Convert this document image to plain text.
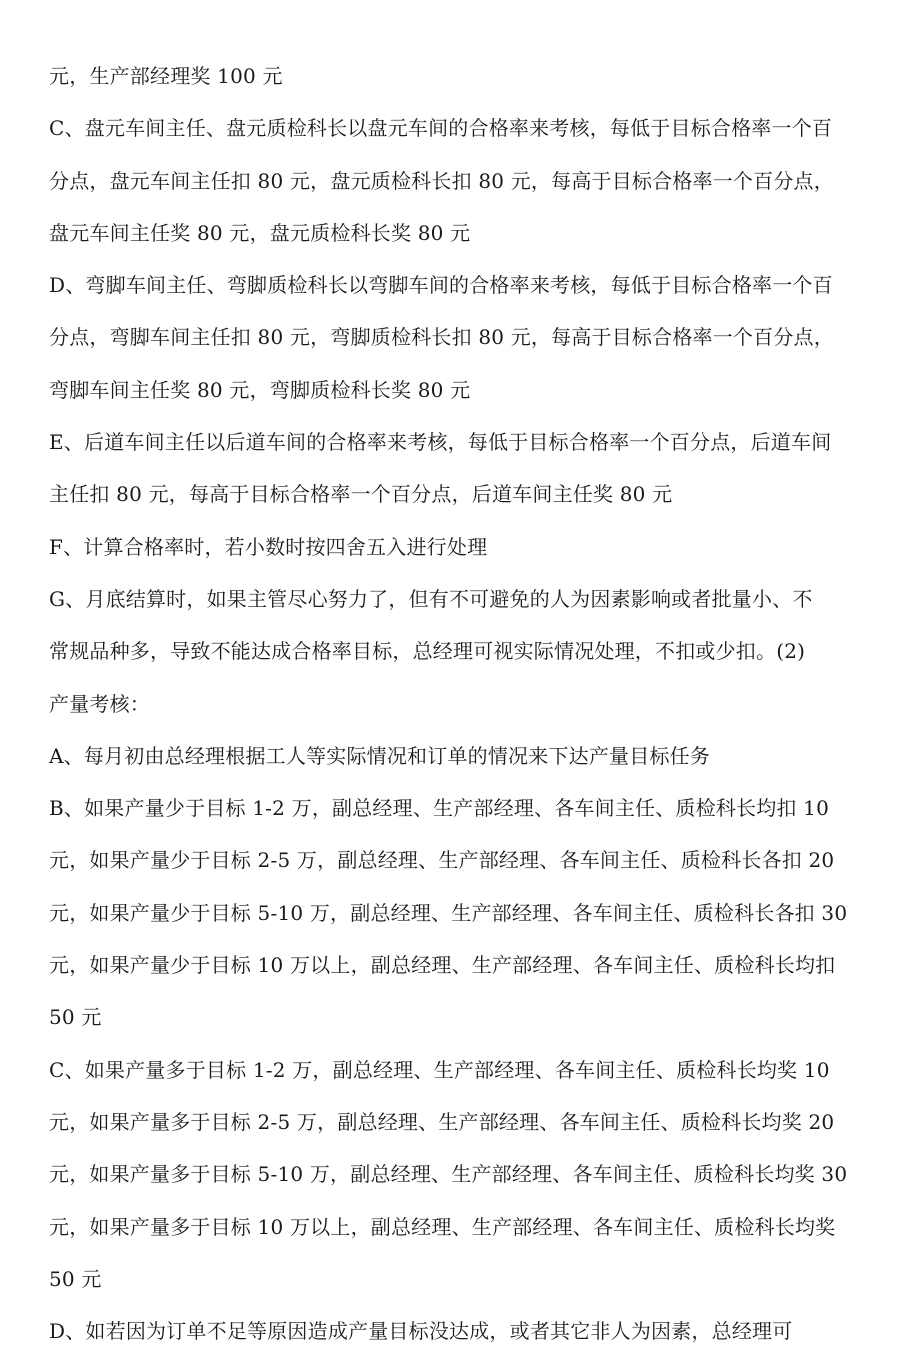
元，生产部经理奖 100 元
C、盘元车间主任、盘元质检科长以盘元车间的合格率来考核，每低于目标合格率一个百
分点，盘元车间主任扣 80 元，盘元质检科长扣 80 元，每高于目标合格率一个百分点，
盘元车间主任奖 80 元，盘元质检科长奖 80 元
D、弯脚车间主任、弯脚质检科长以弯脚车间的合格率来考核，每低于目标合格率一个百
分点，弯脚车间主任扣 80 元，弯脚质检科长扣 80 元，每高于目标合格率一个百分点，
弯脚车间主任奖 80 元，弯脚质检科长奖 80 元
E、后道车间主任以后道车间的合格率来考核，每低于目标合格率一个百分点，后道车间
主任扣 80 元，每高于目标合格率一个百分点，后道车间主任奖 80 元
F、计算合格率时，若小数时按四舍五入进行处理
G、月底结算时，如果主管尽心努力了，但有不可避免的人为因素影响或者批量小、不
常规品种多，导致不能达成合格率目标，总经理可视实际情况处理，不扣或少扣。(2)
产量考核：
A、每月初由总经理根据工人等实际情况和订单的情况来下达产量目标任务
B、如果产量少于目标 1-2 万，副总经理、生产部经理、各车间主任、质检科长均扣 10
元，如果产量少于目标 2-5 万，副总经理、生产部经理、各车间主任、质检科长各扣 20
元，如果产量少于目标 5-10 万，副总经理、生产部经理、各车间主任、质检科长各扣 30
元，如果产量少于目标 10 万以上，副总经理、生产部经理、各车间主任、质检科长均扣
50 元
C、如果产量多于目标 1-2 万，副总经理、生产部经理、各车间主任、质检科长均奖 10
元，如果产量多于目标 2-5 万，副总经理、生产部经理、各车间主任、质检科长均奖 20
元，如果产量多于目标 5-10 万，副总经理、生产部经理、各车间主任、质检科长均奖 30
元，如果产量多于目标 10 万以上，副总经理、生产部经理、各车间主任、质检科长均奖
50 元
D、如若因为订单不足等原因造成产量目标没达成，或者其它非人为因素，总经理可
